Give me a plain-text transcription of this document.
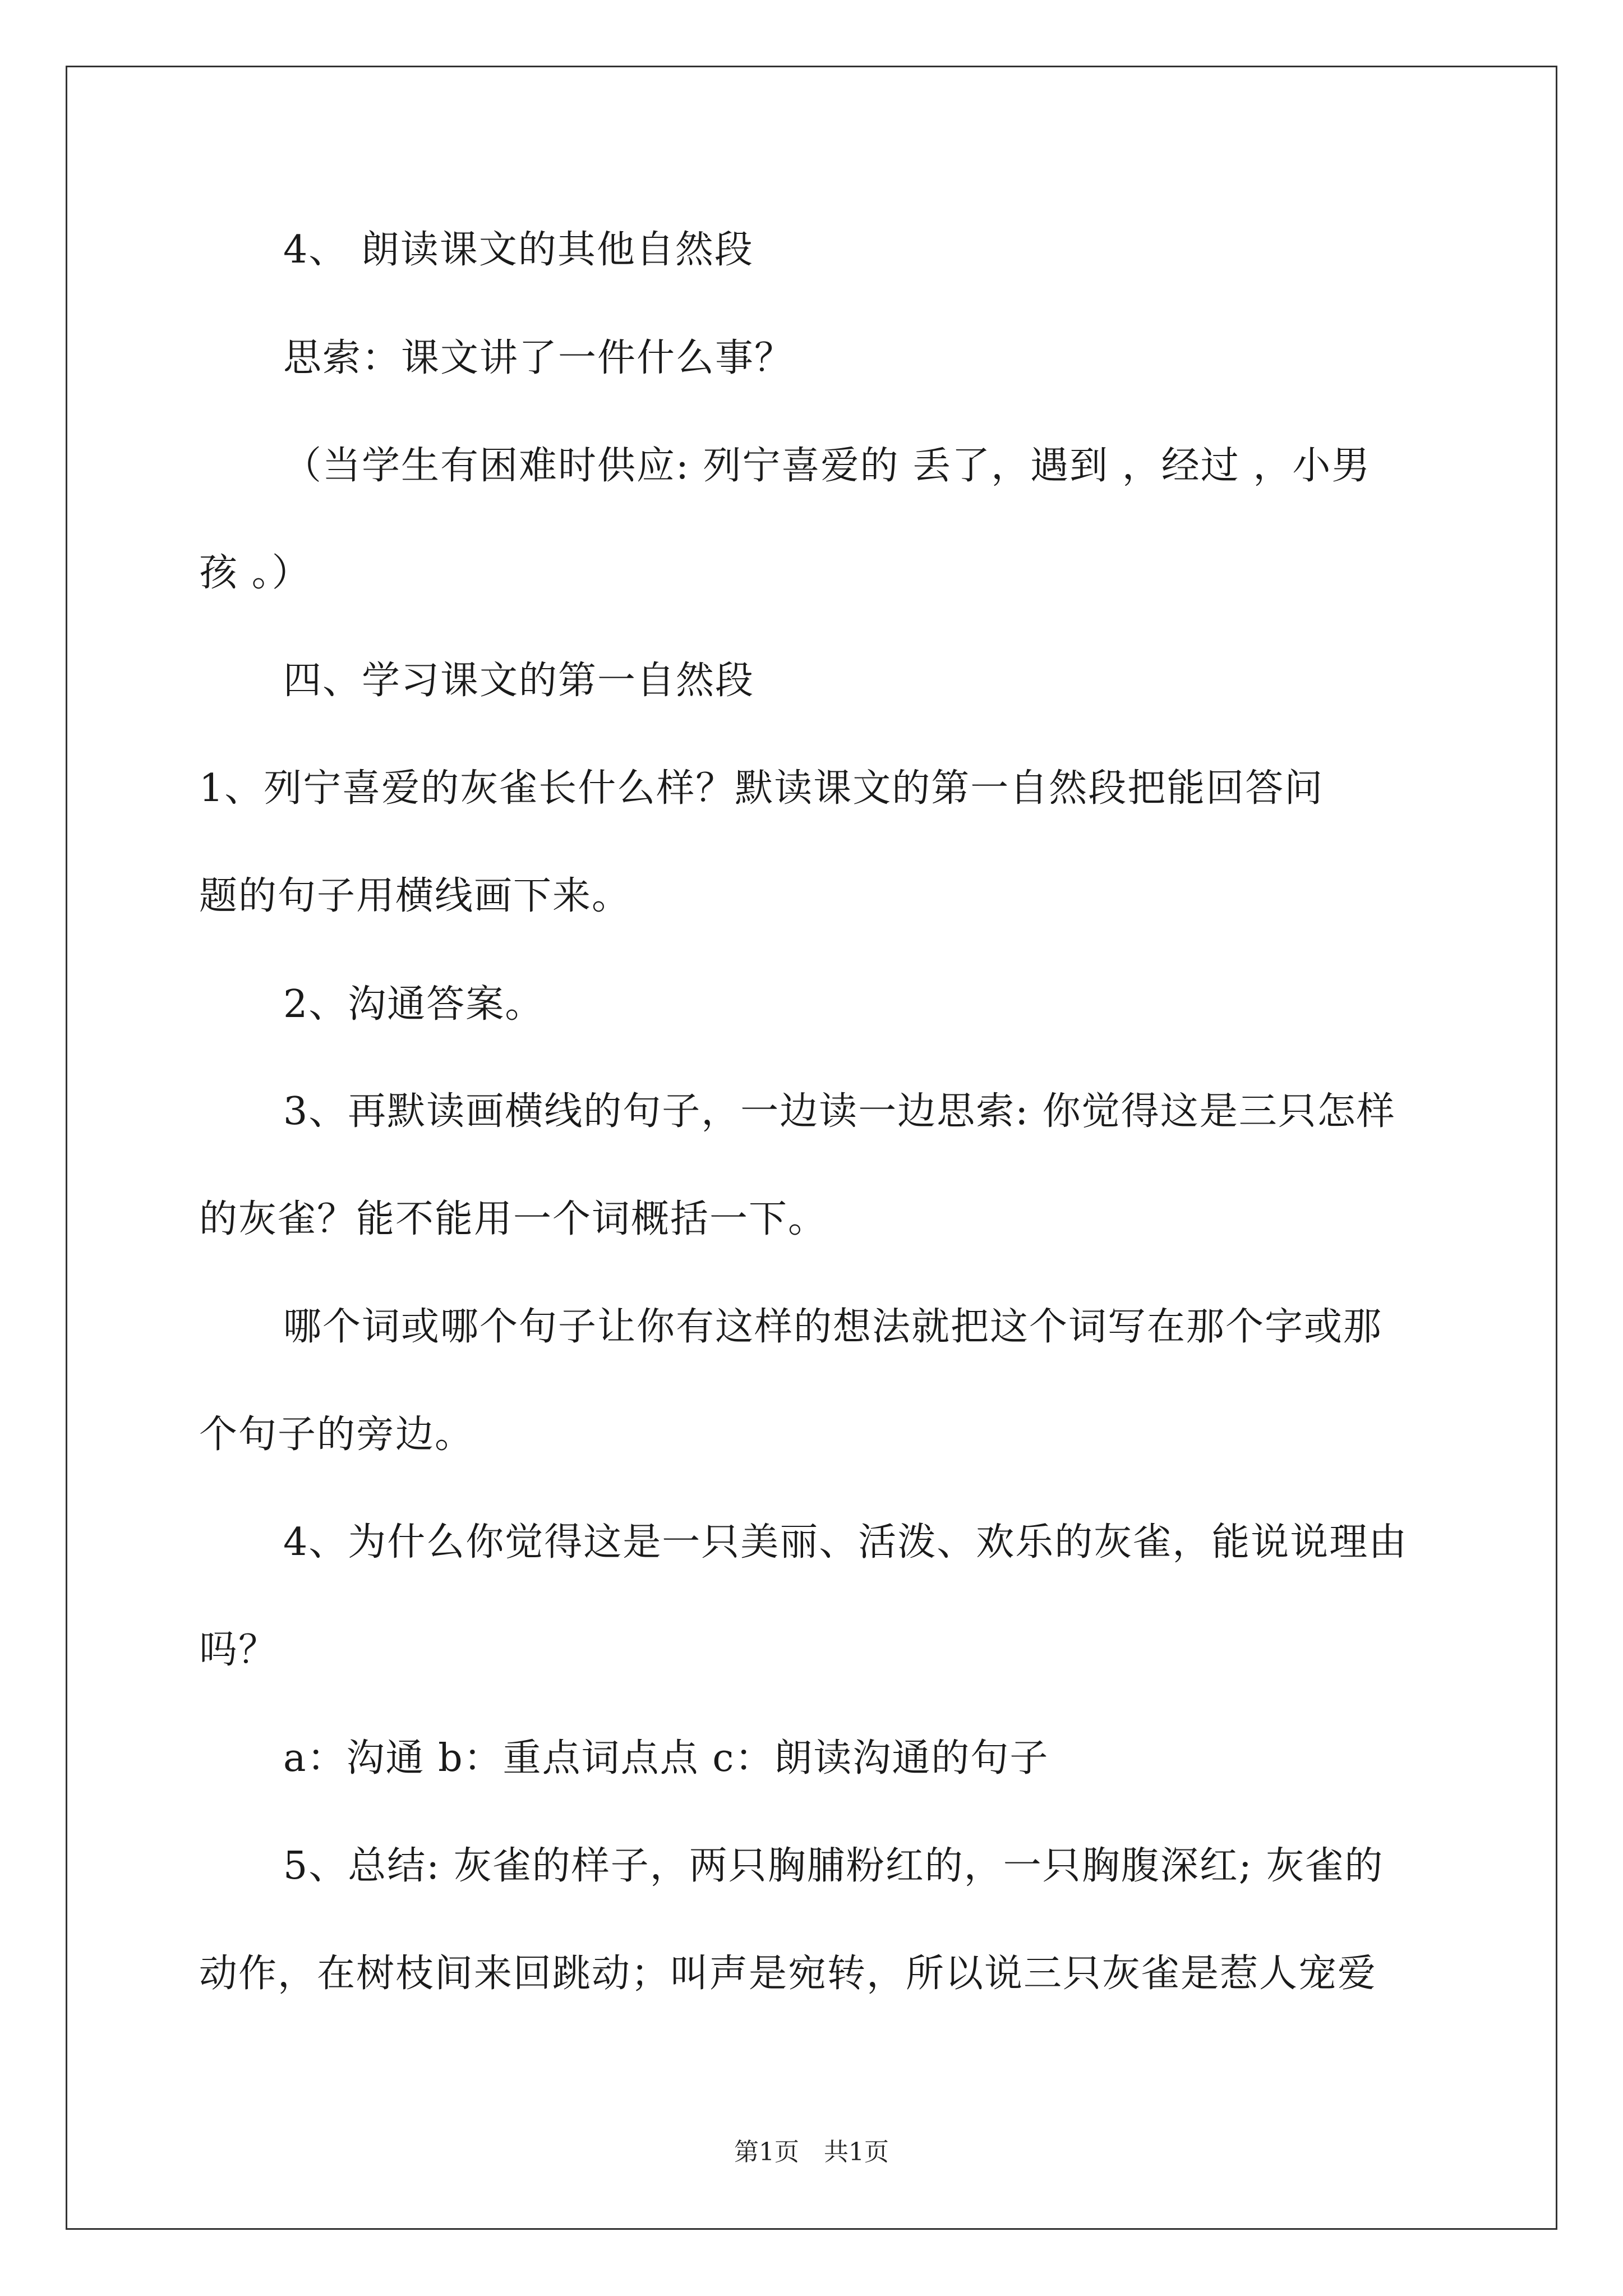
4、 朗读课文的其他自然段

思索：课文讲了一件什么事？

（当学生有困难时供应: 列宁喜爱的 丢了，遇到 ，经过 ，小男

孩 。）

四、学习课文的第一自然段

1、列宁喜爱的灰雀长什么样？默读课文的第一自然段把能回答问

题的句子用横线画下来。

2、沟通答案。

3、再默读画横线的句子，一边读一边思索: 你觉得这是三只怎样

的灰雀？能不能用一个词概括一下。

哪个词或哪个句子让你有这样的想法就把这个词写在那个字或那

个句子的旁边。

4、为什么你觉得这是一只美丽、活泼、欢乐的灰雀，能说说理由

吗？

a：沟通 b：重点词点点 c：朗读沟通的句子

5、总结: 灰雀的样子，两只胸脯粉红的，一只胸腹深红; 灰雀的

动作，在树枝间来回跳动；叫声是宛转，所以说三只灰雀是惹人宠爱

第1页　共1页
